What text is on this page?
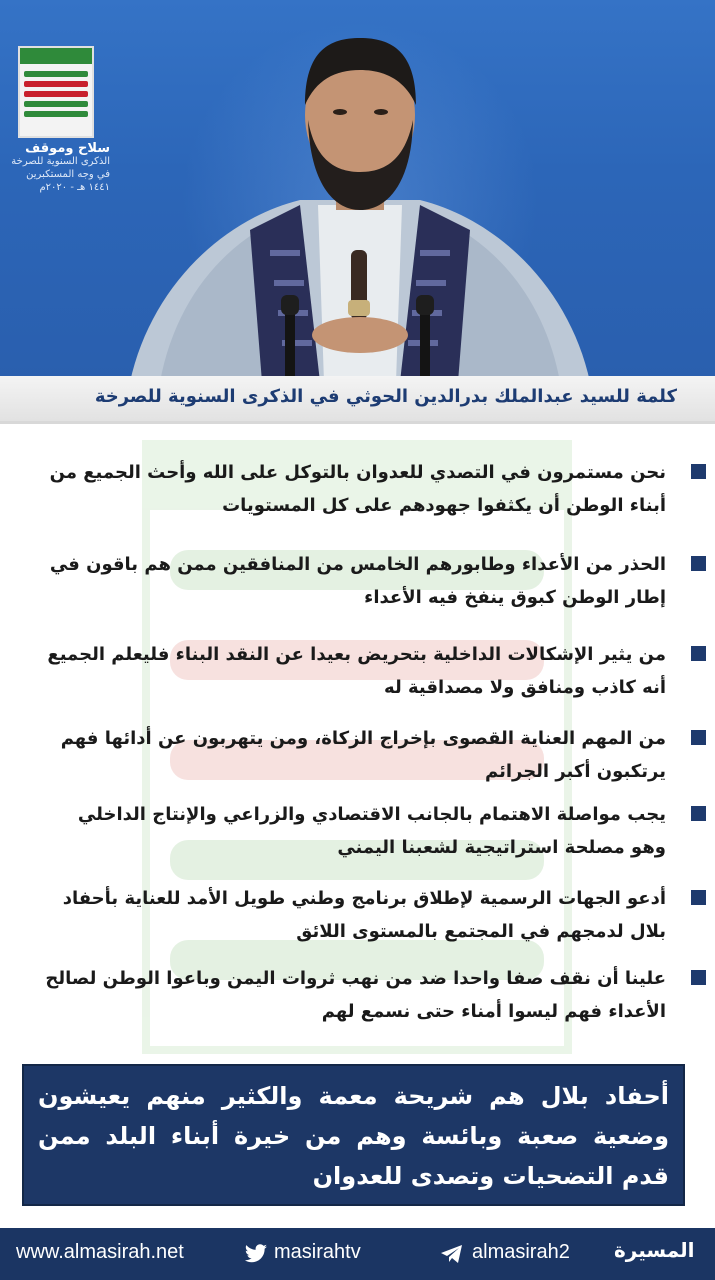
سلاح وموقف
الذكرى السنوية للصرخة
في وجه المستكبرين
١٤٤١ هـ - ٢٠٢٠م
كلمة للسيد عبدالملك بدرالدين الحوثي في الذكرى السنوية للصرخة
نحن مستمرون في التصدي للعدوان بالتوكل على الله وأحث الجميع من أبناء الوطن أن يكثفوا جهودهم على كل المستويات
الحذر من الأعداء وطابورهم الخامس من المنافقين ممن هم باقون في إطار الوطن كبوق ينفخ فيه الأعداء
من يثير الإشكالات الداخلية بتحريض بعيدا عن النقد البناء فليعلم الجميع أنه كاذب ومنافق ولا مصداقية له
من المهم العناية القصوى بإخراج الزكاة، ومن يتهربون عن أدائها فهم يرتكبون أكبر الجرائم
يجب مواصلة الاهتمام بالجانب الاقتصادي والزراعي والإنتاج الداخلي وهو مصلحة استراتيجية لشعبنا اليمني
أدعو الجهات الرسمية لإطلاق برنامج وطني طويل الأمد للعناية بأحفاد بلال لدمجهم في المجتمع بالمستوى اللائق
علينا أن نقف صفا واحدا ضد من نهب ثروات اليمن وباعوا الوطن لصالح الأعداء فهم ليسوا أمناء حتى نسمع لهم
أحفاد بلال هم شريحة معمة والكثير منهم يعيشون وضعية صعبة وبائسة وهم من خيرة أبناء البلد ممن قدم التضحيات وتصدى للعدوان
www.almasirah.net	masirahtv	almasirah2 المسيرة
